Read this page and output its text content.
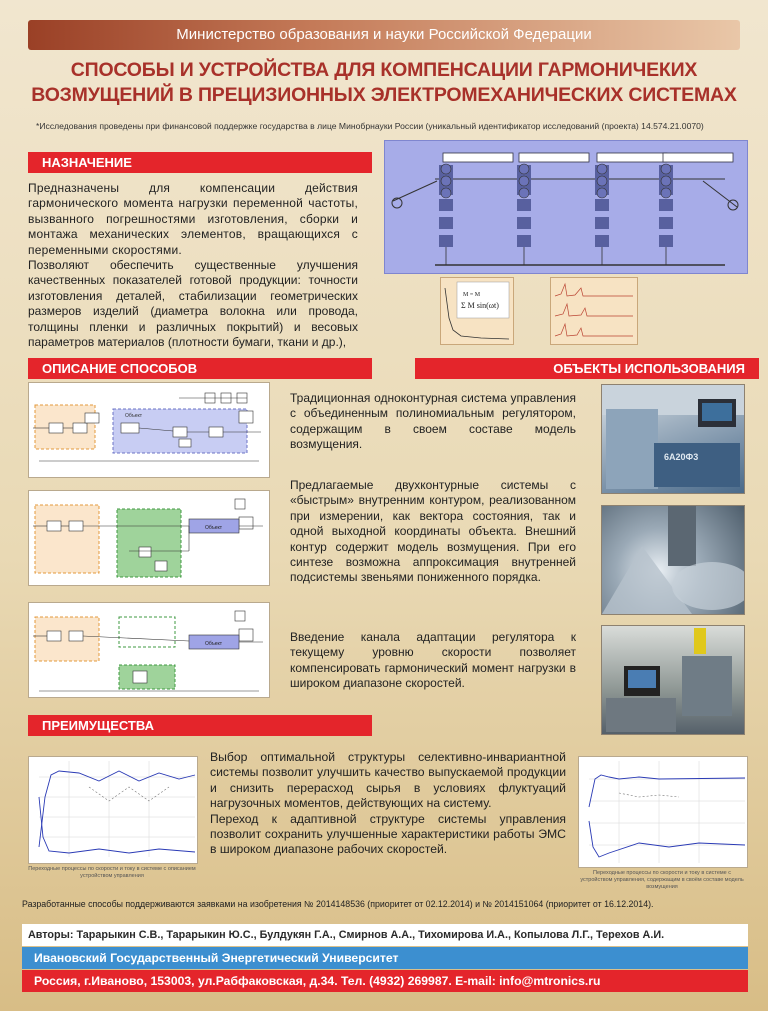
Министерство образования и науки Российской Федерации
СПОСОБЫ И УСТРОЙСТВА ДЛЯ КОМПЕНСАЦИИ ГАРМОНИЧЕКИХ
ВОЗМУЩЕНИЙ В ПРЕЦИЗИОННЫХ ЭЛЕКТРОМЕХАНИЧЕСКИХ СИСТЕМАХ
*Исследования проведены при финансовой поддержке государства в лице Минобрнауки России (уникальный идентификатор исследований (проекта) 14.574.21.0070)
НАЗНАЧЕНИЕ
Предназначены для компенсации действия гармонического момента нагрузки переменной частоты, вызванного погрешностями изготовления, сборки и монтажа механических элементов, вращающихся с переменными скоростями.
Позволяют обеспечить существенные улучшения качественных показателей готовой продукции: точности изготовления деталей, стабилизации геометрических размеров изделий (диаметра волокна или провода, толщины пленки и различных покрытий) и весовых параметров материалов (плотности бумаги, ткани и др.),
M = M
Σ M sin(ωt)
ОПИСАНИЕ СПОСОБОВ	ОБЪЕКТЫ ИСПОЛЬЗОВАНИЯ
Объект
Объект
Объект
Традиционная одноконтурная система управления с объединенным полиномиальным регулятором, содержащим в своем составе модель возмущения.
Предлагаемые двухконтурные системы с «быстрым» внутренним контуром, реализованном при измерении, как вектора состояния, так и одной выходной координаты объекта. Внешний контур содержит модель возмущения. При его синтезе возможна аппроксимация внутренней подсистемы звеньями пониженного порядка.
Введение канала адаптации регулятора к текущему уровню скорости позволяет компенсировать гармонический момент нагрузки в широком диапазоне скоростей.
6А20Ф3
ПРЕИМУЩЕСТВА
Переходные процессы по скорости и току в системе с описанием устройством управления	Переходные процессы по скорости и току в системе с устройством управления, содержащим в своём составе модель возмущения
Выбор оптимальной структуры селективно-инвариантной системы позволит улучшить качество выпускаемой продукции и снизить перерасход сырья в условиях флуктуаций нагрузочных моментов, действующих на систему.
Переход к адаптивной структуре системы управления позволит сохранить улучшенные характеристики работы ЭМС в широком диапазоне рабочих скоростей.
Разработанные способы поддерживаются заявками на изобретения № 2014148536 (приоритет от 02.12.2014) и № 2014151064 (приоритет от 16.12.2014).
Авторы: Тарарыкин С.В., Тарарыкин Ю.С., Булдукян Г.А., Смирнов А.А., Тихомирова И.А., Копылова Л.Г., Терехов А.И.
Ивановский Государственный Энергетический Университет
Россия, г.Иваново, 153003, ул.Рабфаковская, д.34. Тел. (4932) 269987. E-mail: info@mtronics.ru
